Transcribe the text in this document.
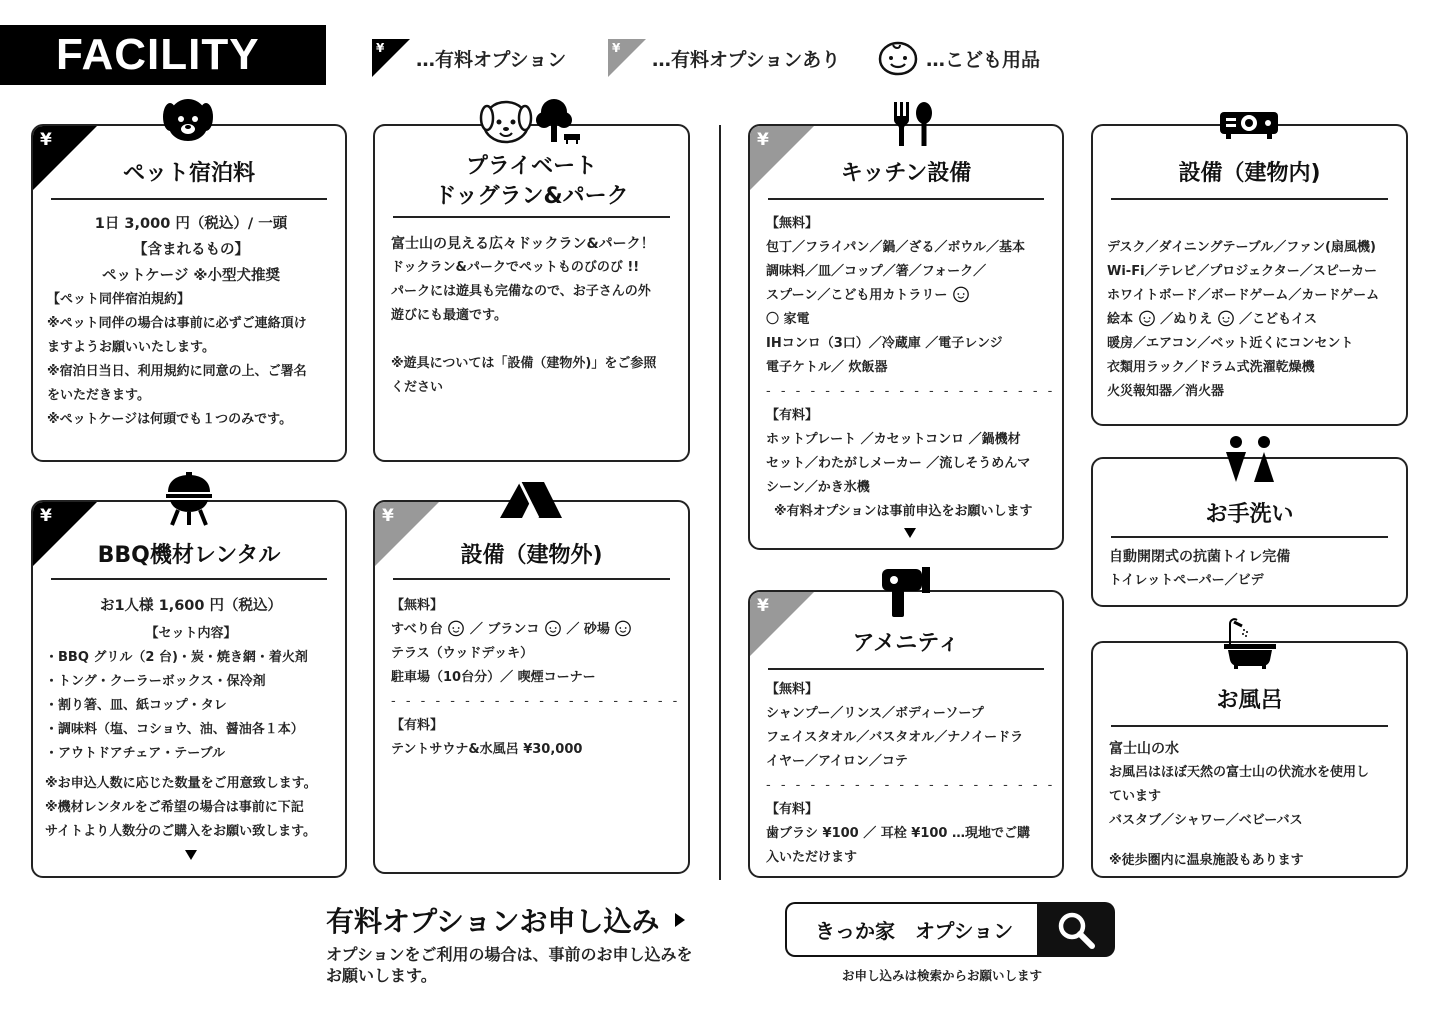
FACILITY	¥
…有料オプション
¥
…有料オプションあり	…こども用品
¥
ペット宿泊料
1日 3,000 円（税込）/ 一頭
【含まれるもの】
ペットケージ ※小型犬推奨
【ペット同伴宿泊規約】
※ペット同伴の場合は事前に必ずご連絡頂け
ますようお願いいたします。
※宿泊日当日、利用規約に同意の上、ご署名
をいただきます。
※ペットケージは何頭でも１つのみです。
プライベート
ドッグラン&パーク
富士山の見える広々ドックラン&パーク！
ドックラン&パークでペットものびのび !!
パークには遊具も完備なので、お子さんの外
遊びにも最適です。
※遊具については「設備（建物外)」をご参照
ください
¥
キッチン設備
【無料】
包丁／フライパン／鍋／ざる／ボウル／基本
調味料／皿／コップ／箸／フォーク／
スプーン／こども用カトラリー
〇 家電
IHコンロ（3口）／冷蔵庫 ／電子レンジ
電子ケトル／ 炊飯器
- - - - - - - - - - - - - - - - - - - -
【有料】
ホットプレート ／カセットコンロ ／鍋機材
セット／わたがしメーカー ／流しそうめんマ
シーン／かき氷機
※有料オプションは事前申込をお願いします
設備（建物内)
デスク／ダイニングテーブル／ファン(扇風機)
Wi-Fi／テレビ／プロジェクター／スピーカー
ホワイトボード／ボードゲーム／カードゲーム
絵本 ／ぬりえ ／こどもイス
暖房／エアコン／ベット近くにコンセント
衣類用ラック／ドラム式洗濯乾燥機
火災報知器／消火器
¥
BBQ機材レンタル
お1人様 1,600 円（税込）
【セット内容】
・BBQ グリル（2 台)・炭・焼き網・着火剤
・トング・クーラーボックス・保冷剤
・割り箸、皿、紙コップ・タレ
・調味料（塩、コショウ、油、醤油各１本）
・アウトドアチェア・テーブル
※お申込人数に応じた数量をご用意致します。
※機材レンタルをご希望の場合は事前に下記
サイトより人数分のご購入をお願い致します。
¥
設備（建物外)
【無料】
すべり台 ／ ブランコ ／ 砂場
テラス（ウッドデッキ）
駐車場（10台分）／ 喫煙コーナー
- - - - - - - - - - - - - - - - - - - -
【有料】
テントサウナ&水風呂 ¥30,000
¥
アメニティ
【無料】
シャンプー／リンス／ボディーソープ
フェイスタオル／バスタオル／ナノイードラ
イヤー／アイロン／コテ
- - - - - - - - - - - - - - - - - - - -
【有料】
歯ブラシ ¥100 ／ 耳栓 ¥100 …現地でご購
入いただけます
お手洗い
自動開閉式の抗菌トイレ完備
トイレットペーパー／ビデ
お風呂
富士山の水
お風呂はほぼ天然の富士山の伏流水を使用し
ています
バスタブ／シャワー／ベビーバス
※徒歩圏内に温泉施設もあります
有料オプションお申し込み
オプションをご利用の場合は、事前のお申し込みを
お願いします。
きっか家　オプション
お申し込みは検索からお願いします
